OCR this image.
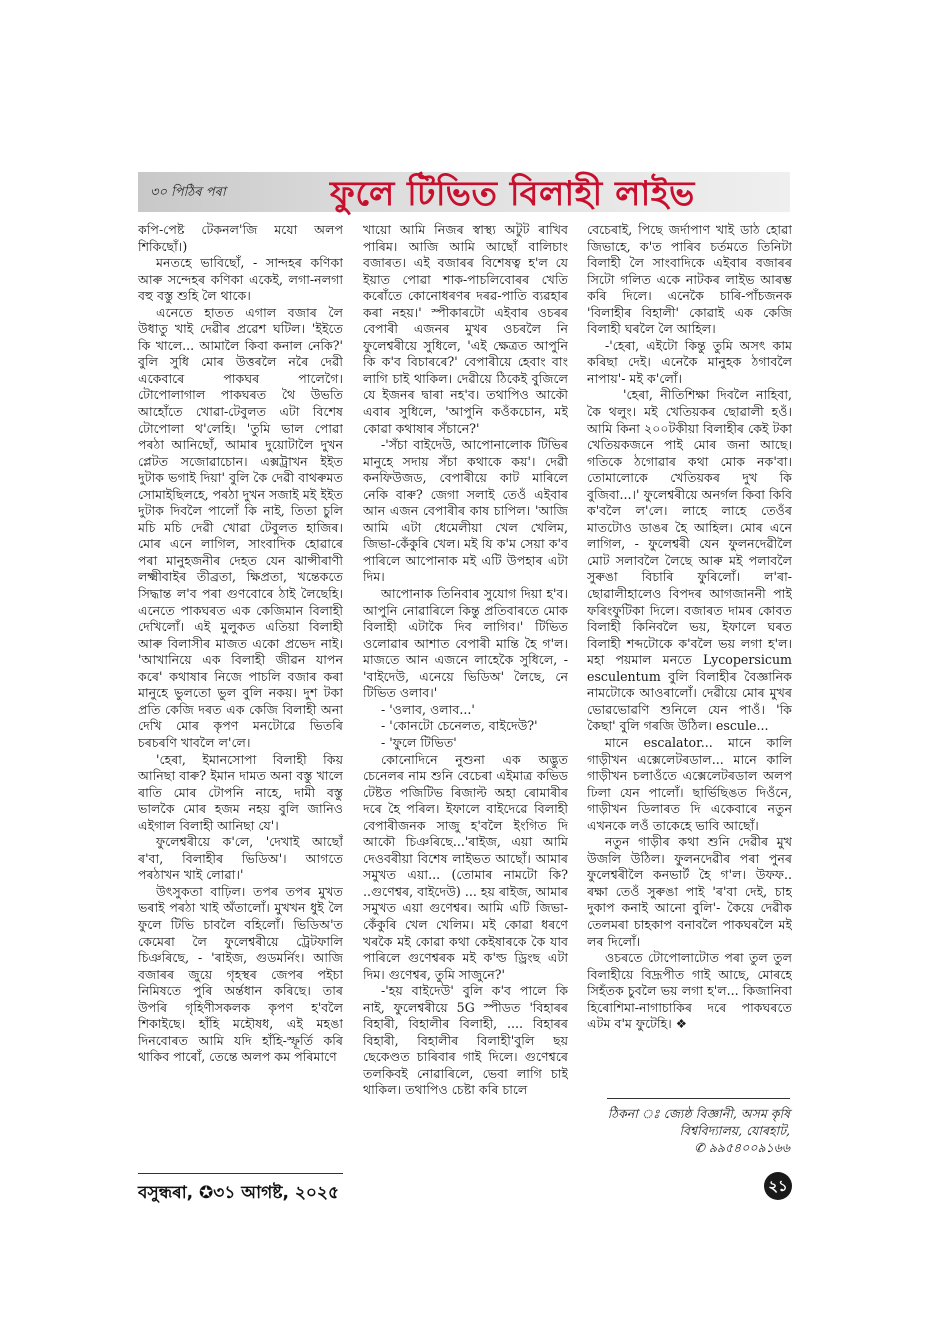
৩০ পিঠিৰ পৰা	ফুলে টিভিত বিলাহী লাইভ

কপি-পেষ্ট টেকনল'জি মযো অলপ শিকিছোঁ।)

মনতহে ভাবিছোঁ, - সান্দহৰ কণিকা আৰু সন্দেহৰ কণিকা একেই, লগা-নলগা বহু বস্তু শুহি লৈ থাকে।

এনেতে হাতত এগাল বজাৰ লৈ উধাতু খাই দেৱীৰ প্ৰৱেশ ঘটিল। 'ইইতে কি খালে... আমালৈ কিবা কনাল নেকি?' বুলি সুধি মোৰ উত্তৰলৈ নৰৈ দেৱী একেবাৰে পাকঘৰ পালেগৈ। টোপোলাগাল পাকঘৰত থৈ উভতি আহোঁতে খোৱা-টেবুলত এটা বিশেষ টোপোলা থ'লেহি। 'তুমি ভাল পোৱা পৰঠা আনিছোঁ, আমাৰ দুয়োটালৈ দুখন প্লেটত সজোৱাচোন। এক্সট্ৰাখন ইইত দুটাক ভগাই দিয়া' বুলি কৈ দেৱী বাথৰুমত সোমাইছিলহে, পৰঠা দুখন সজাই মই ইইত দুটাক দিবলৈ পালোঁ কি নাই, তিতা চুলি মচি মচি দেৱী খোৱা টেবুলত হাজিৰ। মোৰ এনে লাগিল, সাংবাদিক হোৱাৰে পৰা মানুহজনীৰ দেহত যেন ঝান্সীৰাণী লক্ষ্মীবাইৰ তীব্ৰতা, ক্ষিপ্ৰতা, খন্তেকতে সিদ্ধান্ত ল'ব পৰা গুণবোৰে ঠাই লৈছেহি। এনেতে পাকঘৰত এক কেজিমান বিলাহী দেখিলোঁ। এই মুলুকত এতিয়া বিলাহী আৰু বিলাসীৰ মাজত একো প্ৰভেদ নাই। 'আখানিয়ে এক বিলাহী জীৱন যাপন কৰে' কথাষাৰ নিজে পাচলি বজাৰ কৰা মানুহে ভুলতো ভুল বুলি নকয়। দুশ টকা প্ৰতি কেজি দৰত এক কেজি বিলাহী অনা দেখি মোৰ কৃপণ মনটোৱে ভিতৰি চৰচৰণি খাবলৈ ল'লে।

'হেৰা, ইমানসোপা বিলাহী কিয় আনিছা বাৰু? ইমান দামত অনা বস্তু খালে ৰাতি মোৰ টোপনি নাহে, দামী বস্তু ভালকৈ মোৰ হজম নহয় বুলি জানিও এইগাল বিলাহী আনিছা যে'।

ফুলেশ্বৰীয়ে ক'লে, 'দেখাই আছোঁ ৰ'বা, বিলাহীৰ ভিডিঅ'। আগতে পৰঠাখন খাই লোৱা।'

উৎসুকতা বাঢ়িল। তপৰ তপৰ মুখত ভৰাই পৰঠা খাই অঁতালোঁ। মুখখন ধুই লৈ ফুলে টিভি চাবলৈ বহিলোঁ। ভিডিঅ'ত কেমেৰা লৈ ফুলেশ্বৰীয়ে ট্ৰেটফালি চিঞৰিছে, - 'ৰাইজ, গুডমৰ্নিং। আজি বজাৰৰ জুয়ে গৃহস্থৰ জেপৰ পইচা নিমিষতে পুৰি অৰ্ন্তধান কৰিছে। তাৰ উপৰি গৃহিণীসকলক কৃপণ হ'বলৈ শিকাইছে। হাঁহি মহৌষধ, এই মহঙা দিনবোৰত আমি যদি হাঁহি-স্ফূৰ্তি কৰি থাকিব পাৰোঁ, তেন্তে অলপ কম পৰিমাণে

খায়ো আমি নিজৰ স্বাস্থ্য অটুট ৰাখিব পাৰিম। আজি আমি আছোঁ বালিচাং বজাৰত। এই বজাৰৰ বিশেষত্ব হ'ল যে ইয়াত পোৱা শাক-পাচলিবোৰৰ খেতি কৰোঁতে কোনোধৰণৰ দৰৱ-পাতি ব্যৱহাৰ কৰা নহয়।' স্পীকাৰটো এইবাৰ ওচৰৰ বেপাৰী এজনৰ মুখৰ ওচৰলৈ নি ফুলেশ্বৰীয়ে সুধিলে, 'এই ক্ষেত্ৰত আপুনি কি ক'ব বিচাৰৰে?' বেপাৰীয়ে হেবাং বাং লাগি চাই থাকিল। দেৱীয়ে ঠিকেই বুজিলে যে ইজনৰ দ্বাৰা নহ'ব। তথাপিও আকৌ এবাৰ সুধিলে, 'আপুনি কওঁকচোন, মই কোৱা কথাষাৰ সঁচানে?'

-'সঁচা বাইদেউ, আপোনালোক টিভিৰ মানুহে সদায় সঁচা কথাকে কয়'। দেৱী কনফিউজড, বেপাৰীয়ে কাট মাৰিলে নেকি বাৰু? জেগা সলাই তেওঁ এইবাৰ আন এজন বেপাৰীৰ কাষ চাপিল। 'আজি আমি এটা ধেমেলীয়া খেল খেলিম, জিভা-কেঁকুৰি খেল। মই যি ক'ম সেয়া ক'ব পাৰিলে আপোনাক মই এটি উপহাৰ এটা দিম।

আপোনাক তিনিবাৰ সুযোগ দিয়া হ'ব। আপুনি নোৱাৰিলে কিন্তু প্ৰতিবাৰতে মোক বিলাহী এটাকৈ দিব লাগিব।' টিভিত ওলোৱাৰ আশাত বেপাৰী মান্তি হৈ গ'ল। মাজতে আন এজনে লাহেকৈ সুধিলে, - 'বাইদেউ, এনেয়ে ভিডিঅ' লৈছে, নে টিভিত ওলাব।'

- 'ওলাব, ওলাব...'

- 'কোনটো চেনেলত, বাইদেউ?'

- 'ফুলে টিভিত'

কোনোদিনে নুশুনা এক অদ্ভুত চেনেলৰ নাম শুনি বেচেৰা এইমাত্ৰ কভিড টেষ্টত পজিটিভ ৰিজাল্ট অহা ৰোমাৰীৰ দৰে হৈ পৰিল। ইফালে বাইদেৱে বিলাহী বেপাৰীজনক সাজু হ'বলৈ ইংগিত দি আকৌ চিঞৰিছে...'ৰাইজ, এয়া আমি দেওবৰীয়া বিশেষ লাইভত আছোঁ। আমাৰ সমুখত এয়া... (তোমাৰ নামটো কি? ..গুণেশ্বৰ, বাইদেউ) ... হয় ৰাইজ, আমাৰ সমুখত এয়া গুণেশ্বৰ। আমি এটি জিভা-কেঁকুৰি খেল খেলিম। মই কোৱা ধৰণে খৰকৈ মই কোৱা কথা কেইষাৰকে কৈ যাব পাৰিলে গুণেশ্বৰক মই ক'ল্ড ড্ৰিংছ এটা দিম। গুণেশ্বৰ, তুমি সাজুনে?'

-'হয় বাইদেউ' বুলি ক'ব পালে কি নাই, ফুলেশ্বৰীয়ে 5G স্পীডত 'বিহাৰৰ বিহাৰী, বিহালীৰ বিলাহী, .... বিহাৰৰ বিহাৰী, বিহালীৰ বিলাহী'বুলি ছয় ছেকেণ্ডত চাৰিবাৰ গাই দিলে। গুণেশ্বৰে তলকিবই নোৱাৰিলে, ভেবা লাগি চাই থাকিল। তথাপিও চেষ্টা কৰি চালে

বেচেৰাই, পিছে জৰ্দাপাণ খাই ডাঠ হোৱা জিভাহে, ক'ত পাৰিব চৰ্তমতে তিনিটা বিলাহী লৈ সাংবাদিকে এইবাৰ বজাৰৰ সিটো গলিত একে নাটকৰ লাইভ আৰম্ভ কৰি দিলে। এনেকৈ চাৰি-পাঁচজনক 'বিলাহীৰ বিহালী' কোৱাই এক কেজি বিলাহী ঘৰলৈ লৈ আহিল।

-'হেৰা, এইটো কিন্তু তুমি অসৎ কাম কৰিছা দেই। এনেকৈ মানুহক ঠগাবলৈ নাপায়'- মই ক'লোঁ।

'হেৰা, নীতিশিক্ষা দিবলৈ নাহিবা, কৈ থলুং। মই খেতিয়কৰ ছোৱালী হওঁ। আমি কিনা ২০০টকীয়া বিলাহীৰ কেই টকা খেতিয়কজনে পাই মোৰ জনা আছে। গতিকে ঠগোৱাৰ কথা মোক নক'বা। তোমালোকে খেতিয়কৰ দুখ কি বুজিবা...।' ফুলেশ্বৰীয়ে অনৰ্গল কিবা কিবি ক'বলৈ ল'লে। লাহে লাহে তেওঁৰ মাতটোও ডাঙৰ হৈ আহিল। মোৰ এনে লাগিল, - ফুলেশ্বৰী যেন ফুলনদেৱীলৈ মোট সলাবলৈ লৈছে আৰু মই পলাবলৈ সুৰুঙা বিচাৰি ফুৰিলোঁ। ল'ৰা-ছোৱালীহালেও বিপদৰ আগজাননী পাই ফৰিংফুটিকা দিলে। বজাৰত দামৰ কোবত বিলাহী কিনিবলৈ ভয়, ইফালে ঘৰত বিলাহী শব্দটোকে ক'বলৈ ভয় লগা হ'ল। মহা পয়মাল মনতে Lycopersicum esculentum বুলি বিলাহীৰ বৈজ্ঞানিক নামটোকে আওৰালোঁ। দেৱীয়ে মোৰ মুখৰ ভোৱভোৱণি শুনিলে যেন পাওঁ। 'কি কৈছা' বুলি গৰজি উঠিল। escule...

মানে escalator... মানে কালি গাড়ীখন এক্সেলেটৰডাল... মানে কালি গাড়ীখন চলাওঁতে এক্সেলেটৰডাল অলপ ঢিলা যেন পালোঁ। ছাৰ্ভিছিঙত দিওঁনে, গাড়ীখন ডিলাৰত দি একেবাৰে নতুন এখনকে লওঁ তাকেহে ভাবি আছোঁ।

নতুন গাড়ীৰ কথা শুনি দেৱীৰ মুখ উজলি উঠিল। ফুলনদেৱীৰ পৰা পুনৰ ফুলেশ্বৰীলৈ কনভাৰ্ট হৈ গ'ল। উফফ.. ৰক্ষা তেওঁ সুৰুঙা পাই 'ৰ'বা দেই, চাহ দুকাপ কনাই আনো বুলি'- কৈয়ে দেৱীক তেলমৰা চাহকাপ বনাবলৈ পাকঘৰলৈ মই লৰ দিলোঁ।

ওচৰতে টোপোলাটোত পৰা তুল তুল বিলাহীয়ে বিদ্ৰূপীত গাই আছে, মোৰহে সিহঁতক চুবলৈ ভয় লগা হ'ল... কিজানিবা হিৰোশিমা-নাগাচাকিৰ দৰে পাকঘৰতে এটম ব'ম ফুটেহি। ❖

ঠিকনা ঃ জ্যেষ্ঠ বিজ্ঞানী, অসম কৃষি
বিশ্ববিদ্যালয়, যোৰহাট,
✆ ৯৯৫৪০০৯১৬৬
বসুন্ধৰা, ✪৩১ আগষ্ট, ২০২৫	২১
